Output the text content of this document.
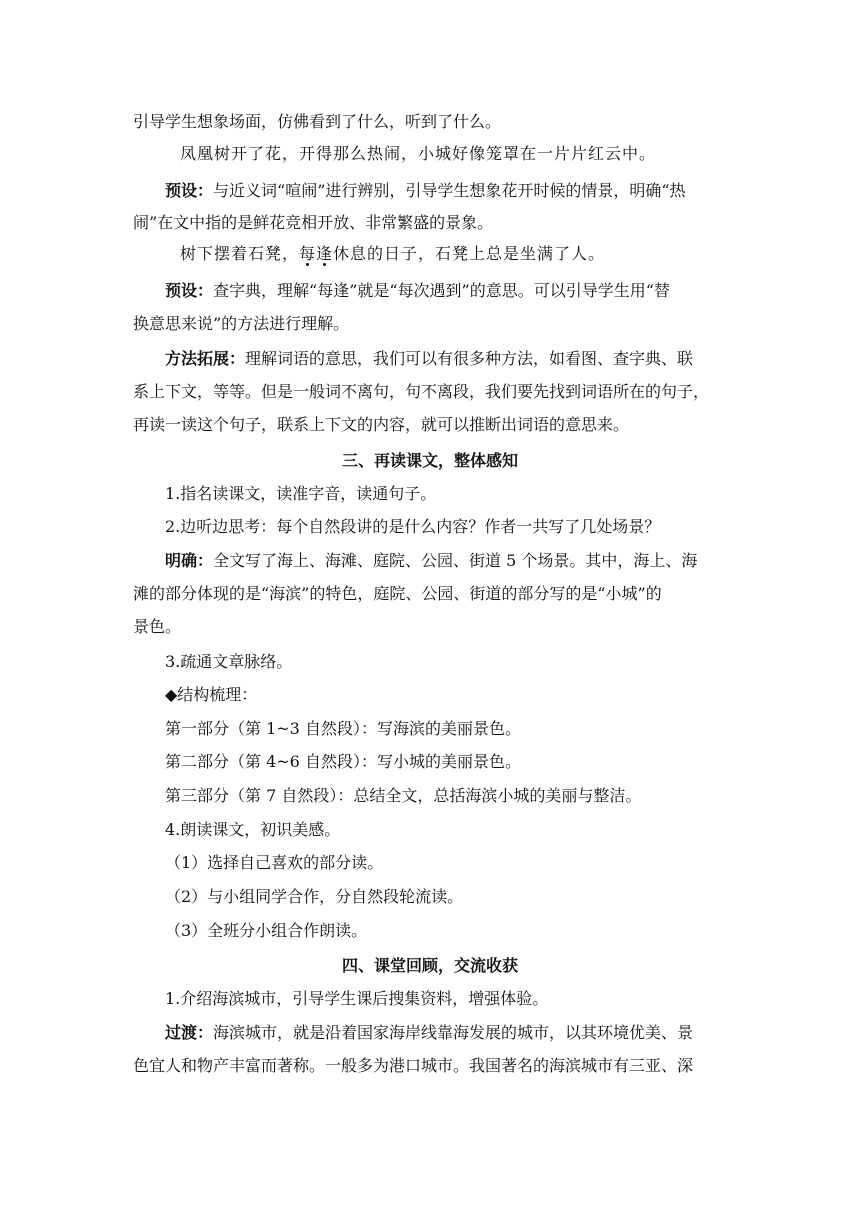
引导学生想象场面，仿佛看到了什么，听到了什么。
凤凰树开了花，开得那么热闹，小城好像笼罩在一片片红云中。
预设：与近义词“喧闹”进行辨别，引导学生想象花开时候的情景，明确“热
闹”在文中指的是鲜花竞相开放、非常繁盛的景象。
树下摆着石凳，每逢休息的日子，石凳上总是坐满了人。
预设：查字典，理解“每逢”就是“每次遇到”的意思。可以引导学生用“替
换意思来说”的方法进行理解。
方法拓展：理解词语的意思，我们可以有很多种方法，如看图、查字典、联
系上下文，等等。但是一般词不离句，句不离段，我们要先找到词语所在的句子，
再读一读这个句子，联系上下文的内容，就可以推断出词语的意思来。
三、再读课文，整体感知
1.指名读课文，读准字音，读通句子。
2.边听边思考：每个自然段讲的是什么内容？作者一共写了几处场景？
明确：全文写了海上、海滩、庭院、公园、街道 5 个场景。其中，海上、海
滩的部分体现的是“海滨”的特色，庭院、公园、街道的部分写的是“小城”的
景色。
3.疏通文章脉络。
◆结构梳理：
第一部分（第 1~3 自然段）：写海滨的美丽景色。
第二部分（第 4~6 自然段）：写小城的美丽景色。
第三部分（第 7 自然段）：总结全文，总括海滨小城的美丽与整洁。
4.朗读课文，初识美感。
（1）选择自己喜欢的部分读。
（2）与小组同学合作，分自然段轮流读。
（3）全班分小组合作朗读。
四、课堂回顾，交流收获
1.介绍海滨城市，引导学生课后搜集资料，增强体验。
过渡：海滨城市，就是沿着国家海岸线靠海发展的城市，以其环境优美、景
色宜人和物产丰富而著称。一般多为港口城市。我国著名的海滨城市有三亚、深
